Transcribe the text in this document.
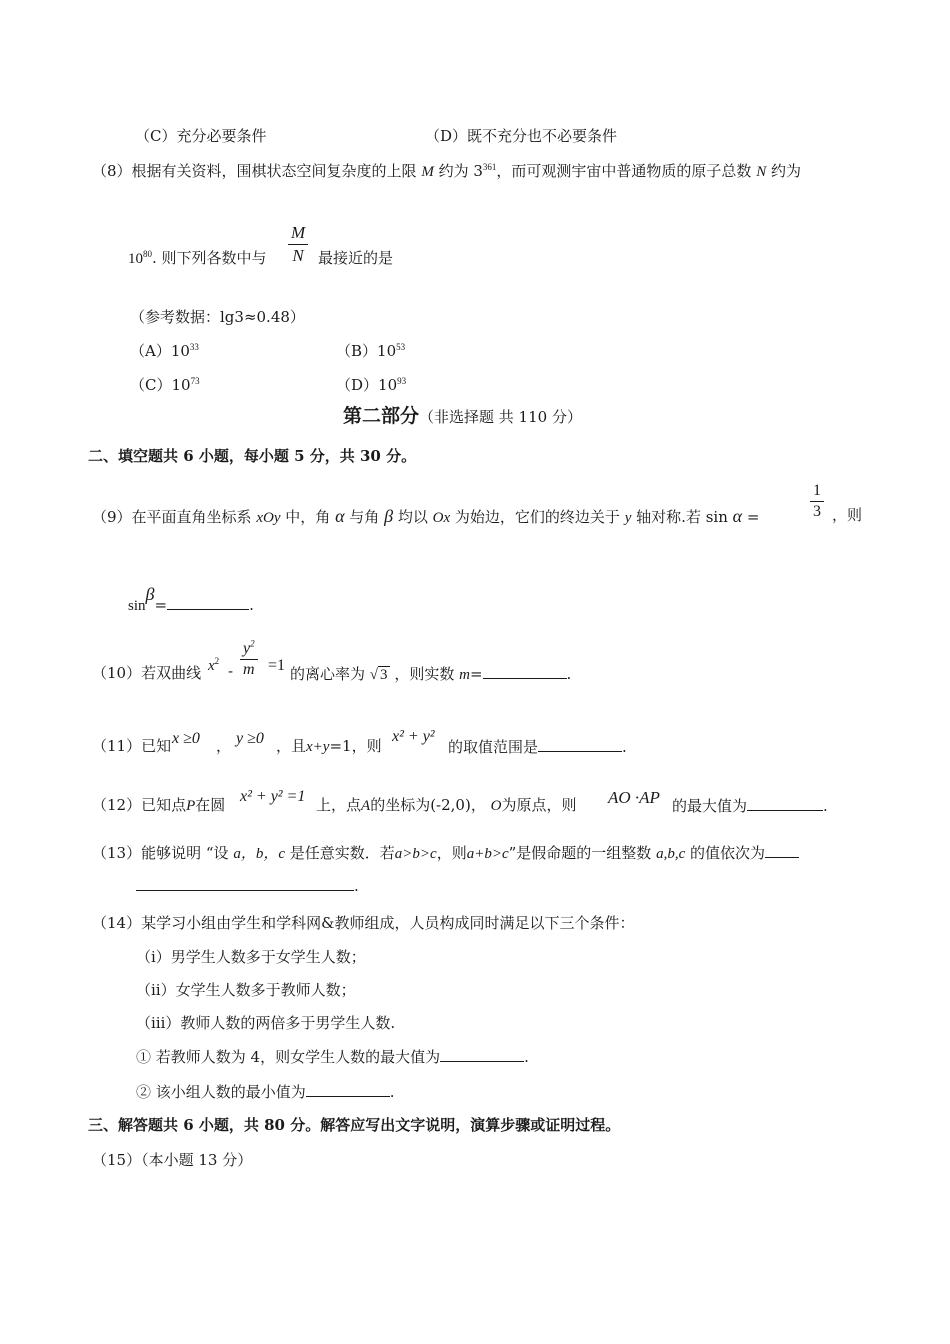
（C）充分必要条件	（D）既不充分也不必要条件
（8）根据有关资料，围棋状态空间复杂度的上限 M 约为 $3^{361}$，而可观测宇宙中普通物质的原子总数 N 约为
$10^{80}$. 则下列各数中与 $\frac{M}{N}$ 最接近的是
（参考数据：lg3≈0.48）
$(A)10^{33}$	$(B)10^{53}$
$(C)10^{73}$	$(D)10^{93}$
第二部分（非选择题 共 110 分）
二、填空题共 6 小题，每小题 5 分，共 30 分。
（9）在平面直角坐标系 xOy 中，角 α 与角 β 均以 Ox 为始边，它们的终边关于 y 轴对称.若 sin α =	$\frac{1}{3}$ ，则
sinβ=	.
（10）若双曲线 $x^2$
- $\frac{y^2}{m} =1$ 的离心率为 √ 3 ，则实数 m=	.
（11）已知 x ≥0 ， y ≥0 ，且x+y=1，则
x² + y²
的取值范围是	.
（12）已知点P在圆 x² + y² =1 上，点A的坐标为(-2,0)， O为原点，则 AO ·AP 的最大值为	.
（13）能够说明 “设 a，b，c 是任意实数．若a>b>c，则a+b>c”是假命题的一组整数 a,b,c 的值依次为
.
（14）某学习小组由学生和学科网&教师组成，人员构成同时满足以下三个条件：
（ⅰ）男学生人数多于女学生人数；
（ⅱ）女学生人数多于教师人数；
（ⅲ）教师人数的两倍多于男学生人数.
① 若教师人数为 4，则女学生人数的最大值为	.
② 该小组人数的最小值为	.
三、解答题共 6 小题，共 80 分。解答应写出文字说明，演算步骤或证明过程。
（15）（本小题 13 分）
